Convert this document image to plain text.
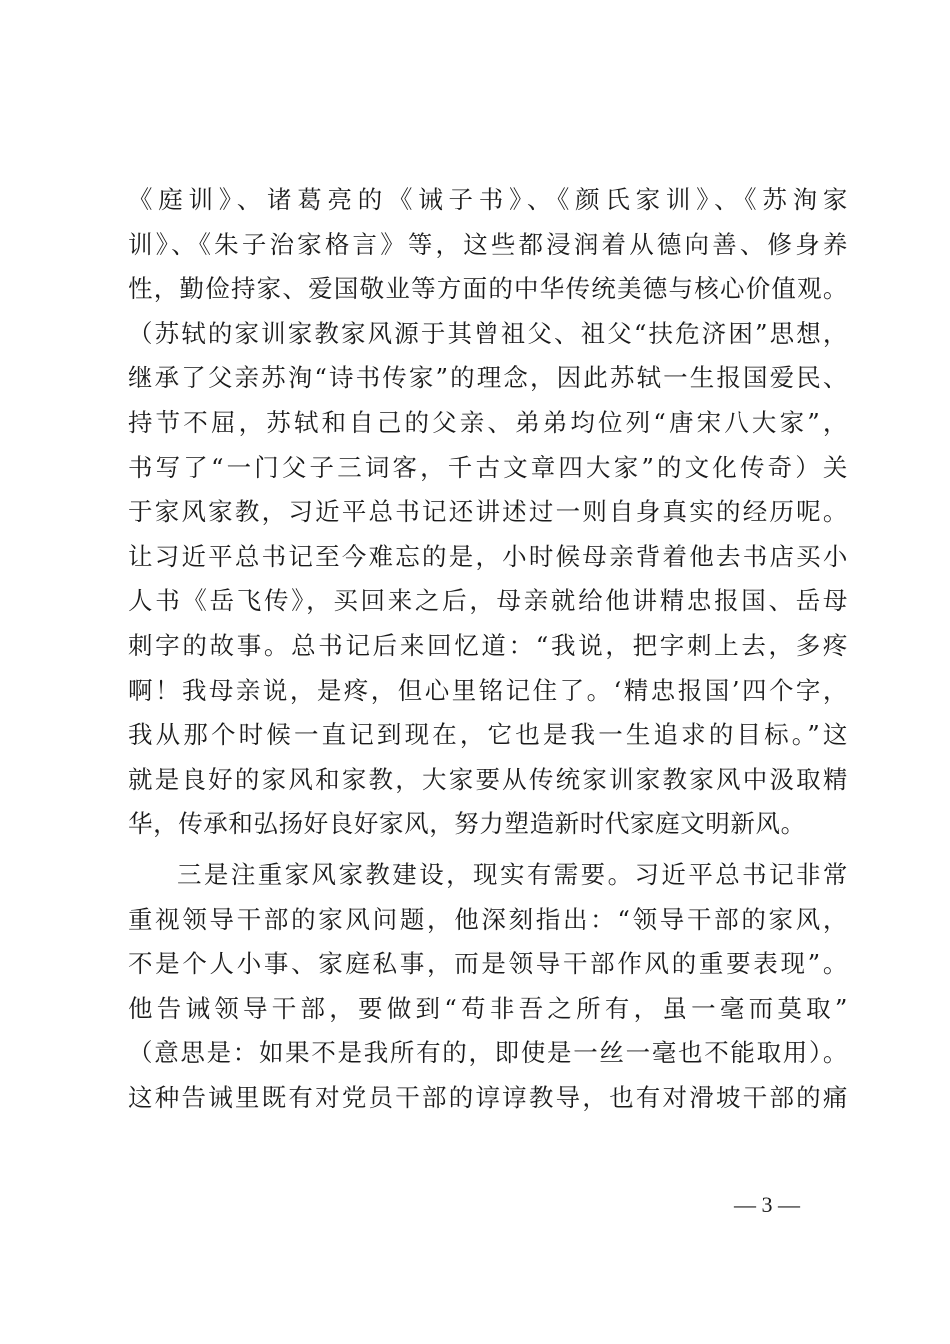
《庭训》、诸葛亮的《诫子书》、《颜氏家训》、《苏洵家
训》、《朱子治家格言》等，这些都浸润着从德向善、修身养
性，勤俭持家、爱国敬业等方面的中华传统美德与核心价值观。
（苏轼的家训家教家风源于其曾祖父、祖父“扶危济困”思想，
继承了父亲苏洵“诗书传家”的理念，因此苏轼一生报国爱民、
持节不屈，苏轼和自己的父亲、弟弟均位列“唐宋八大家”，
书写了“一门父子三词客，千古文章四大家”的文化传奇）关
于家风家教，习近平总书记还讲述过一则自身真实的经历呢。
让习近平总书记至今难忘的是，小时候母亲背着他去书店买小
人书《岳飞传》，买回来之后，母亲就给他讲精忠报国、岳母
刺字的故事。总书记后来回忆道：“我说，把字刺上去，多疼
啊！我母亲说，是疼，但心里铭记住了。‘精忠报国’四个字，
我从那个时候一直记到现在，它也是我一生追求的目标。”这
就是良好的家风和家教，大家要从传统家训家教家风中汲取精
华，传承和弘扬好良好家风，努力塑造新时代家庭文明新风。
三是注重家风家教建设，现实有需要。习近平总书记非常
重视领导干部的家风问题，他深刻指出：“领导干部的家风，
不是个人小事、家庭私事，而是领导干部作风的重要表现”。
他告诫领导干部，要做到“苟非吾之所有，虽一毫而莫取”
（意思是：如果不是我所有的，即使是一丝一毫也不能取用）。
这种告诫里既有对党员干部的谆谆教导，也有对滑坡干部的痛
— 3 —
